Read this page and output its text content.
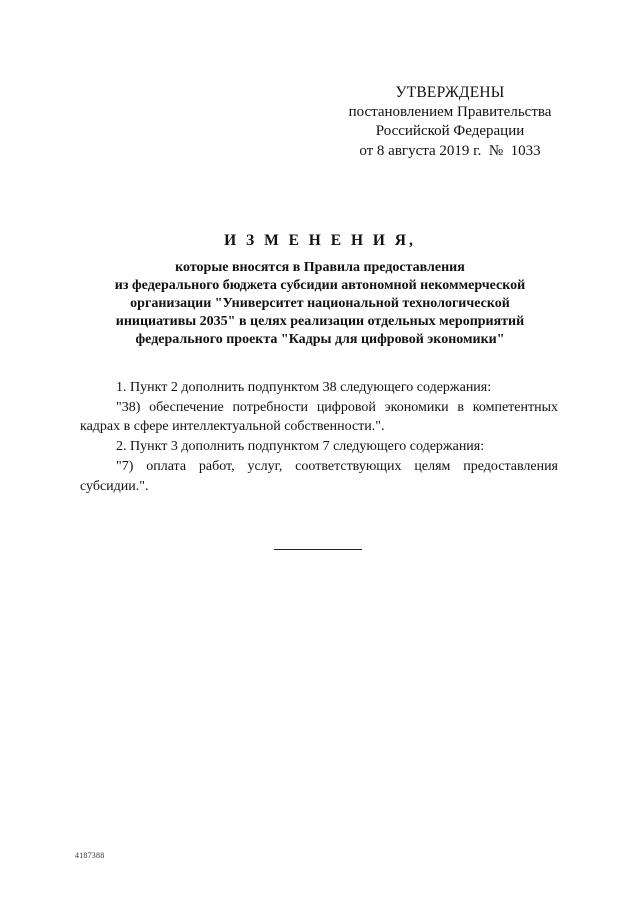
УТВЕРЖДЕНЫ
постановлением Правительства
Российской Федерации
от 8 августа 2019 г.  №  1033
И З М Е Н Е Н И Я,
которые вносятся в Правила предоставления
из федерального бюджета субсидии автономной некоммерческой
организации "Университет национальной технологической
инициативы 2035" в целях реализации отдельных мероприятий
федерального проекта "Кадры для цифровой экономики"

1. Пункт 2 дополнить подпунктом 38 следующего содержания:

"38) обеспечение потребности цифровой экономики в компетентных кадрах в сфере интеллектуальной собственности.".

2. Пункт 3 дополнить подпунктом 7 следующего содержания:

"7) оплата работ, услуг, соответствующих целям предоставления субсидии.".

4187388
